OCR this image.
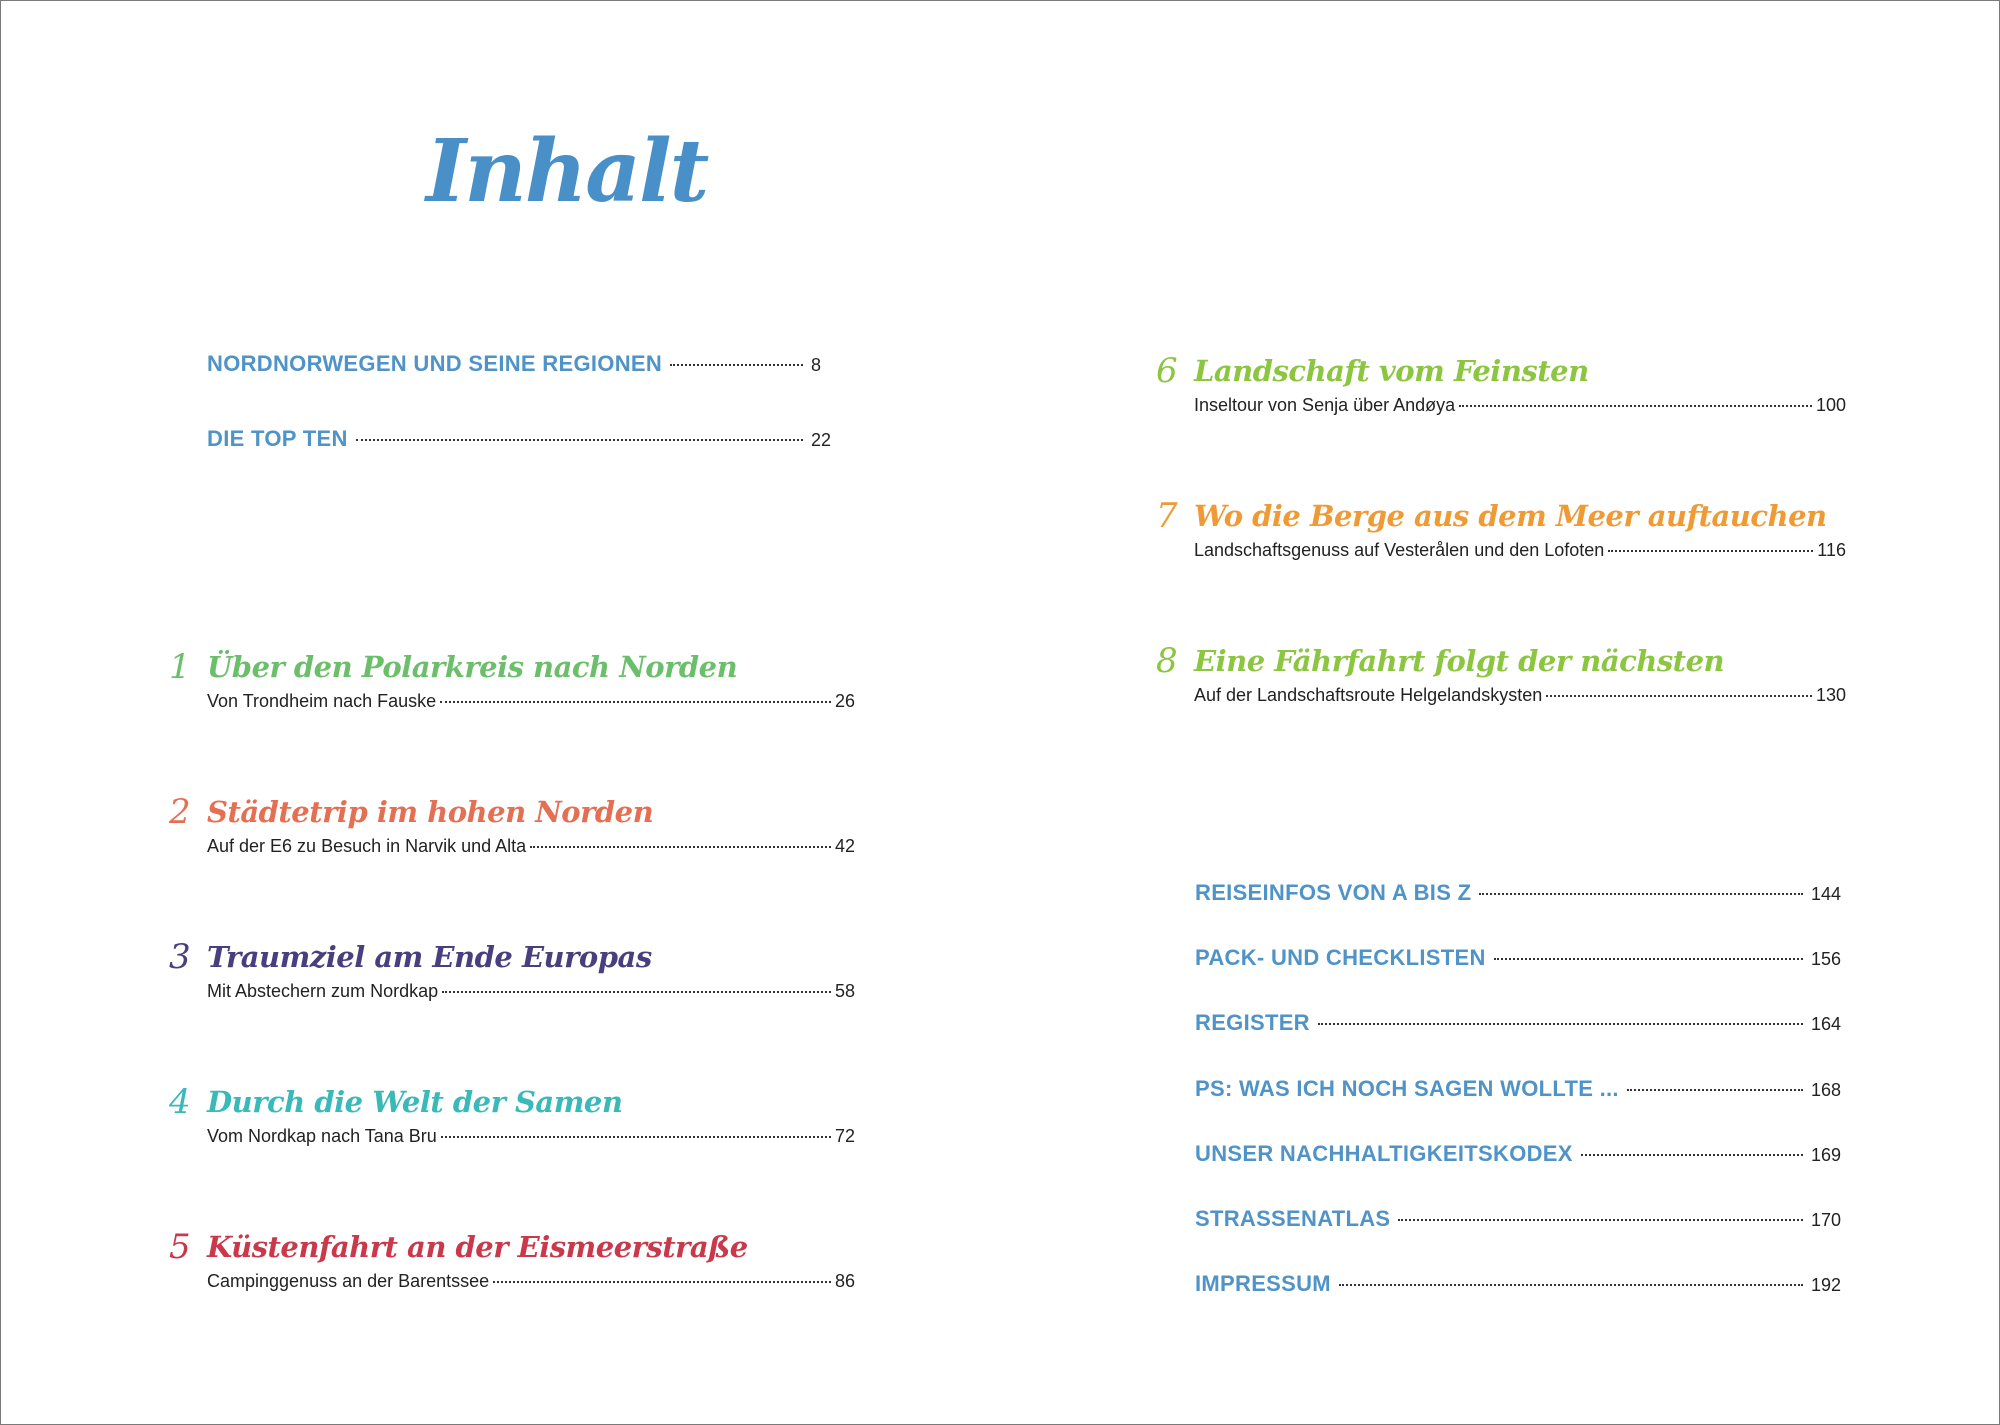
Inhalt
NORDNORWEGEN UND SEINE REGIONEN	8
DIE TOP TEN	22
1 Über den Polarkreis nach Norden
Von Trondheim nach Fauske	26
2 Städtetrip im hohen Norden
Auf der E6 zu Besuch in Narvik und Alta	42
3 Traumziel am Ende Europas
Mit Abstechern zum Nordkap	58
4 Durch die Welt der Samen
Vom Nordkap nach Tana Bru	72
5 Küstenfahrt an der Eismeerstraße
Campinggenuss an der Barentssee	86
6 Landschaft vom Feinsten
Inseltour von Senja über Andøya	100
7 Wo die Berge aus dem Meer auftauchen
Landschaftsgenuss auf Vesterålen und den Lofoten	116
8 Eine Fährfahrt folgt der nächsten
Auf der Landschaftsroute Helgelandskysten	130
REISEINFOS VON A BIS Z	144
PACK- UND CHECKLISTEN	156
REGISTER	164
PS: WAS ICH NOCH SAGEN WOLLTE ...	168
UNSER NACHHALTIGKEITSKODEX	169
STRASSENATLAS	170
IMPRESSUM	192
